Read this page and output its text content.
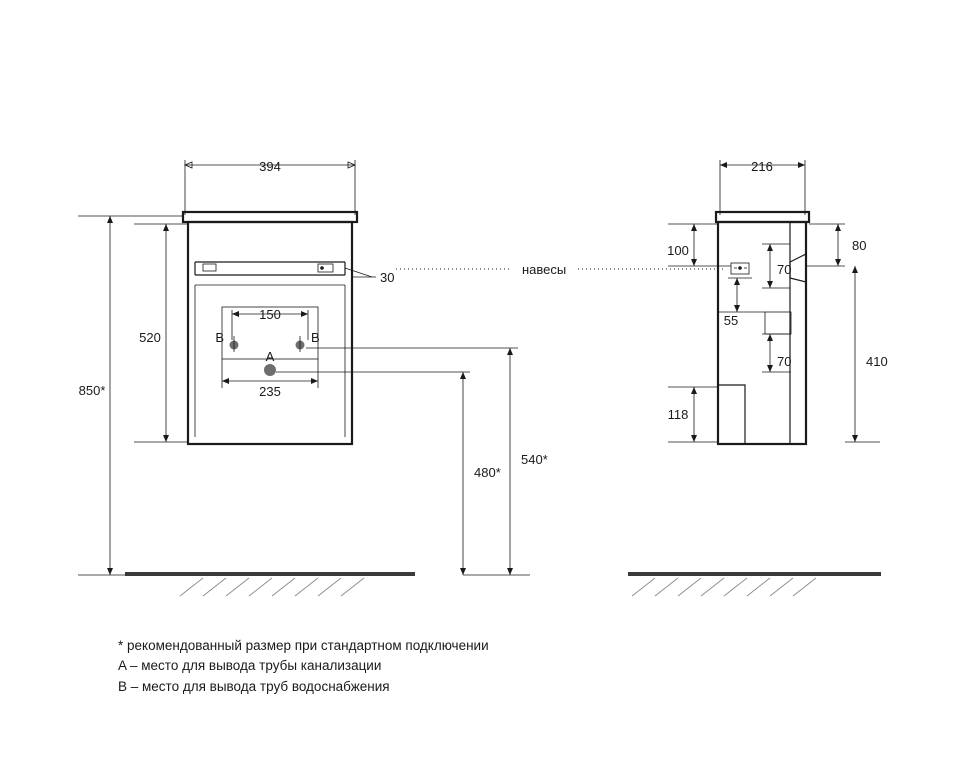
394
30
навесы
150
B	B
A
235
520
850*
480*
540*
216
100	80
70
55
70	410
118
* рекомендованный размер при стандартном подключении
A – место для вывода трубы канализации
B – место для вывода труб водоснабжения
